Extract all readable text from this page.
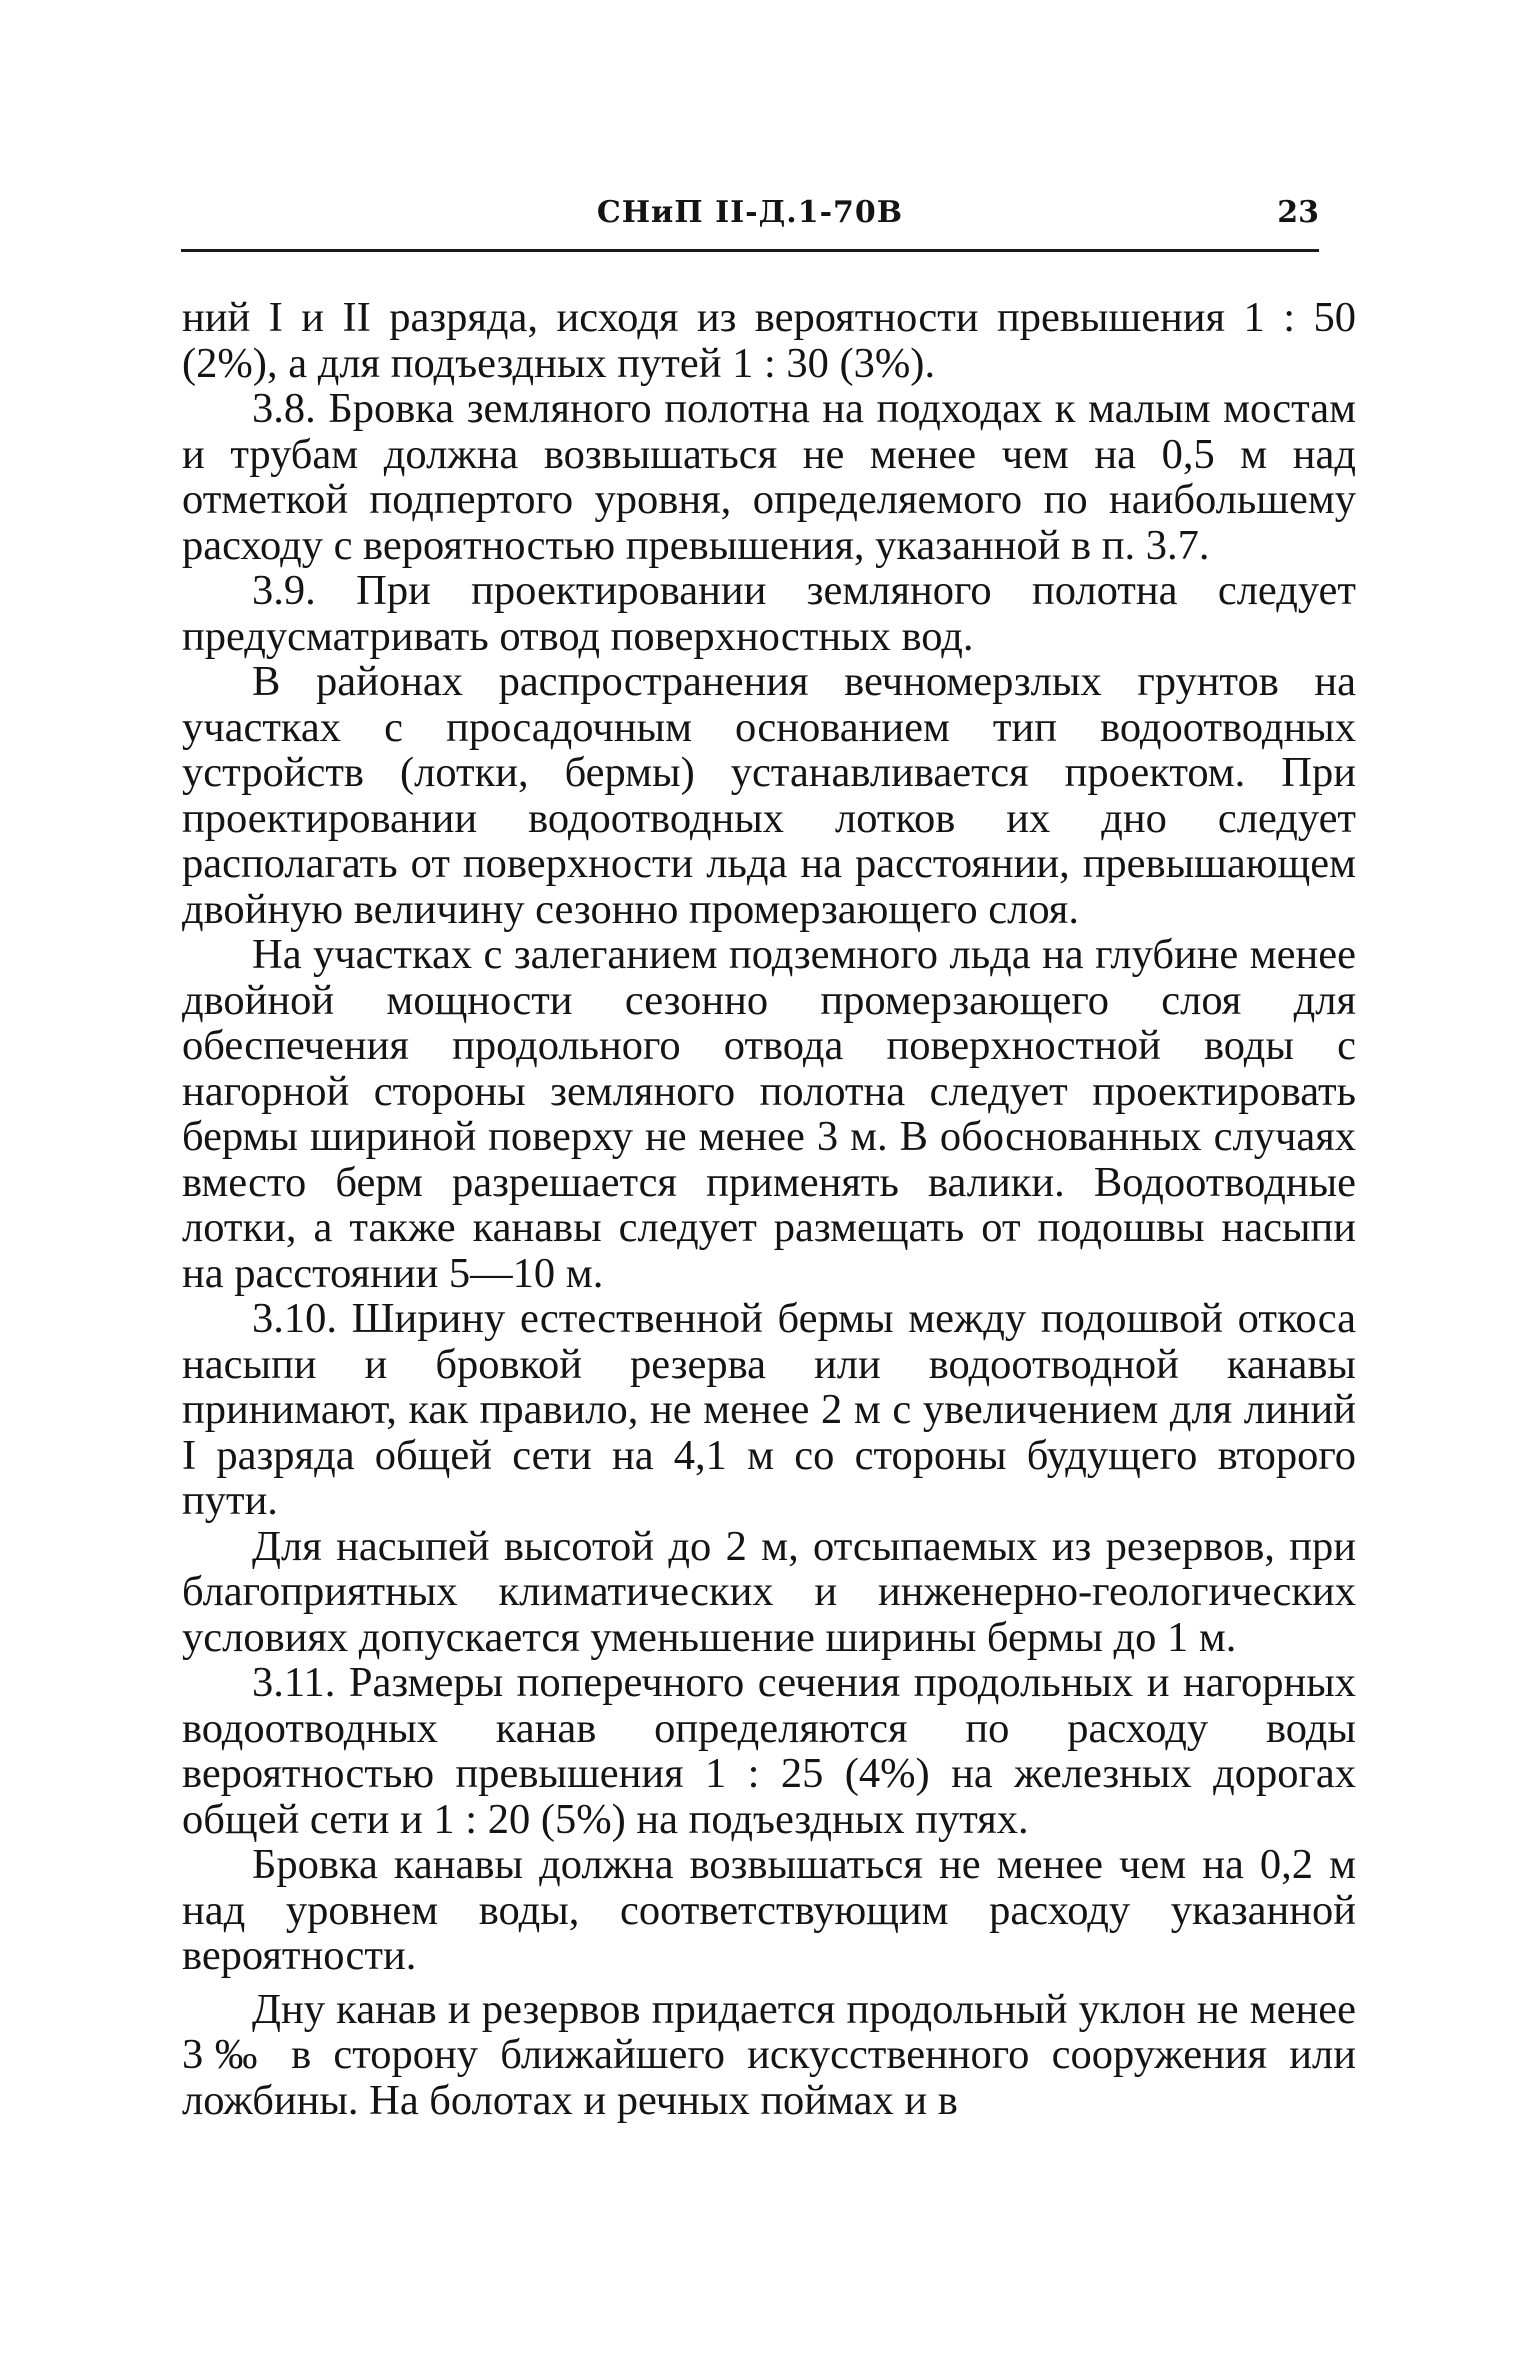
СНиП II-Д.1-70В	23

ний I и II разряда, исходя из вероятности превышения 1 : 50 (2%), а для подъездных путей 1 : 30 (3%).

3.8. Бровка земляного полотна на подходах к малым мостам и трубам должна возвышаться не менее чем на 0,5 м над отметкой подпертого уровня, определяемого по наибольшему расходу с вероятностью превышения, указанной в п. 3.7.

3.9. При проектировании земляного полотна следует предусматривать отвод поверхностных вод.

В районах распространения вечномерзлых грунтов на участках с просадочным основанием тип водоотводных устройств (лотки, бермы) устанавливается проектом. При проектировании водоотводных лотков их дно следует располагать от поверхности льда на расстоянии, превышающем двойную величину сезонно промерзающего слоя.

На участках с залеганием подземного льда на глубине менее двойной мощности сезонно промерзающего слоя для обеспечения продольного отвода поверхностной воды с нагорной стороны земляного полотна следует проектировать бермы шириной поверху не менее 3 м. В обоснованных случаях вместо берм разрешается применять валики. Водоотводные лотки, а также канавы следует размещать от подошвы насыпи на расстоянии 5—10 м.

3.10. Ширину естественной бермы между подошвой откоса насыпи и бровкой резерва или водоотводной канавы принимают, как правило, не менее 2 м с увеличением для линий I разряда общей сети на 4,1 м со стороны будущего второго пути.

Для насыпей высотой до 2 м, отсыпаемых из резервов, при благоприятных климатических и инженерно-геологических условиях допускается уменьшение ширины бермы до 1 м.

3.11. Размеры поперечного сечения продольных и нагорных водоотводных канав определяются по расходу воды вероятностью превышения 1 : 25 (4%) на железных дорогах общей сети и 1 : 20 (5%) на подъездных путях.

Бровка канавы должна возвышаться не менее чем на 0,2 м над уровнем воды, соответствующим расходу указанной вероятности.

Дну канав и резервов придается продольный уклон не менее 3‰ в сторону ближайшего искусственного сооружения или ложбины. На болотах и речных поймах и в
